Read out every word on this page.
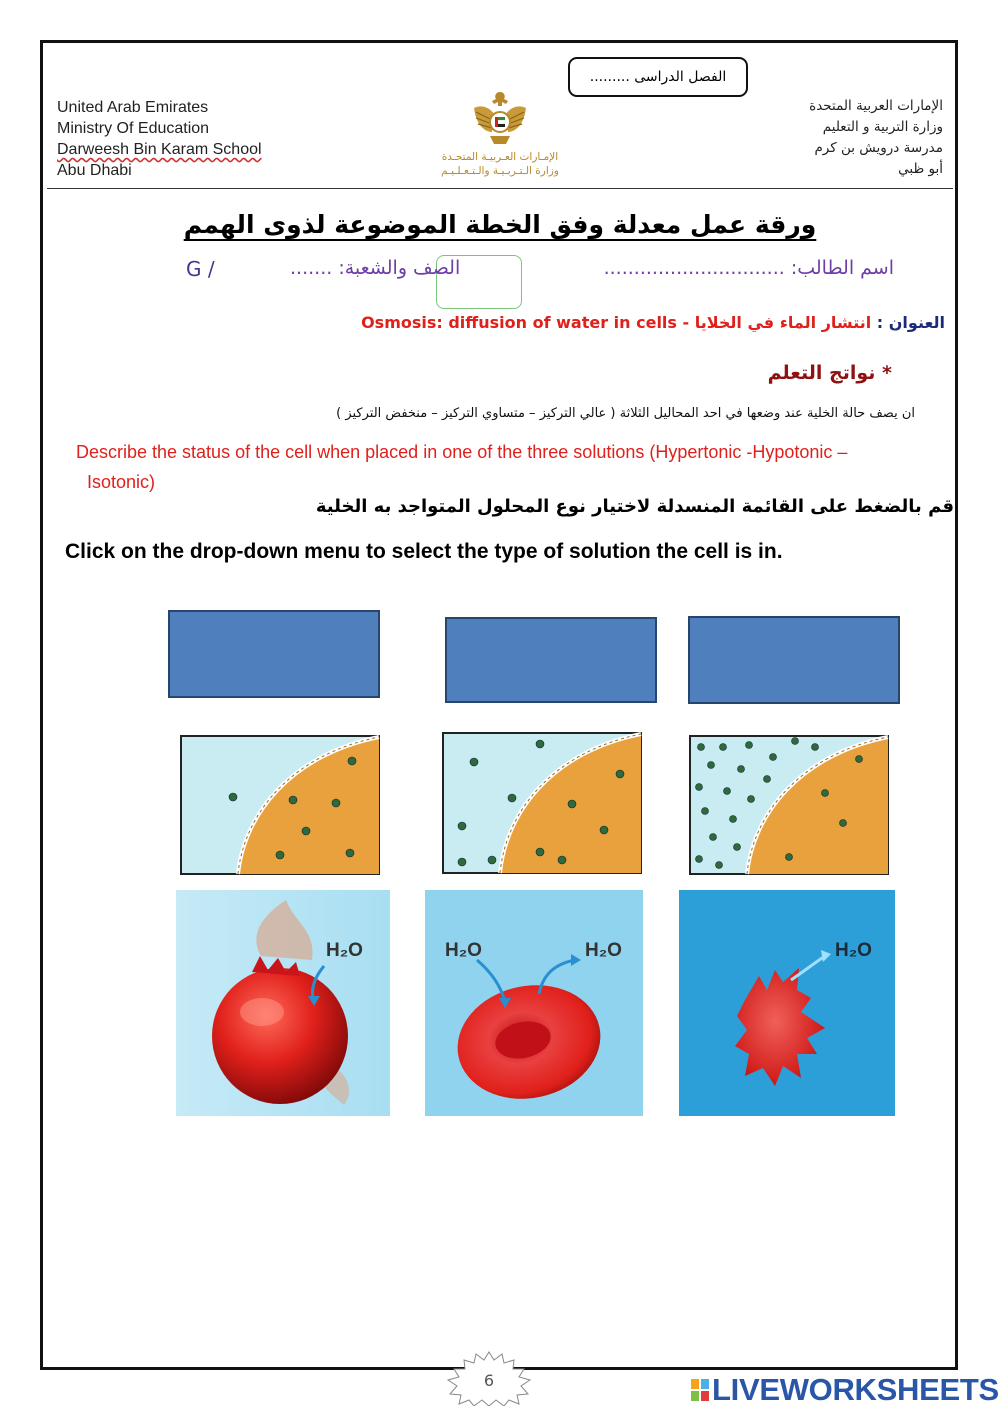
الفصل الدراسى .........
United Arab Emirates
Ministry Of Education
Darweesh Bin Karam School
Abu Dhabi
الإمـارات العـربيـة المتحـدة
وزارة الـتـربـيـة والـتـعـلـيـم
الإمارات العربية المتحدة
وزارة التربية و التعليم
مدرسة درويش بن كرم
أبو ظبي
ورقة عمل معدلة وفق الخطة الموضوعة لذوى الهمم
اسم الطالب: ..............................
الصف والشعبة: .......
G /
العنوان : انتشار الماء في الخلايا - Osmosis: diffusion of water in cells
* نواتج التعلم
ان يصف حالة الخلية عند وضعها في احد المحاليل الثلاثة ( عالي التركيز – متساوي التركيز – منخفض التركيز )
Describe the status of the cell when placed in one of the three solutions (Hypertonic -Hypotonic –
Isotonic)
قم بالضغط على القائمة المنسدلة لاختيار نوع المحلول المتواجد به الخلية
Click on the drop-down menu to select the type of solution the cell is in.
H₂O	H₂O	H₂O	H₂O
6	LIVEWORKSHEETS
